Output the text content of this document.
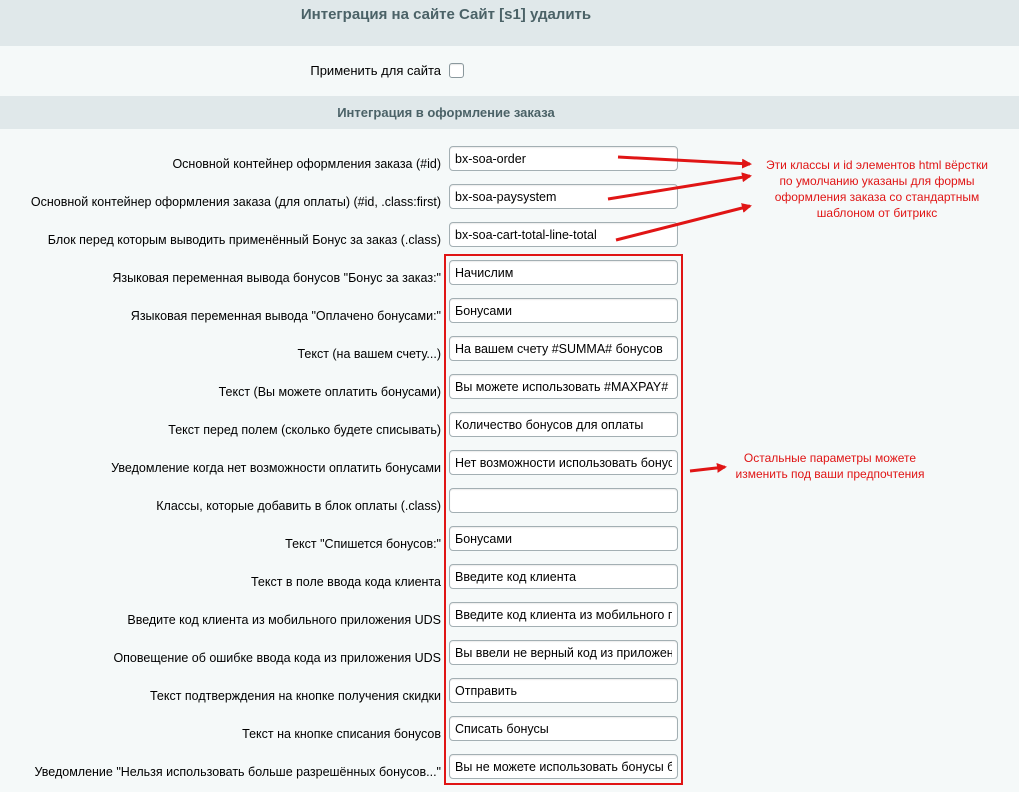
Интеграция на сайте Сайт [s1] удалить
Применить для сайта
Интеграция в оформление заказа
Основной контейнер оформления заказа (#id)
bx-soa-order
Основной контейнер оформления заказа (для оплаты) (#id, .class:first)
bx-soa-paysystem
Блок перед которым выводить применённый Бонус за заказ (.class)
bx-soa-cart-total-line-total
Языковая переменная вывода бонусов "Бонус за заказ:"
Начислим
Языковая переменная вывода "Оплачено бонусами:"
Бонусами
Текст (на вашем счету...)
На вашем счету #SUMMA# бонусов
Текст (Вы можете оплатить бонусами)
Вы можете использовать #MAXPAY#
Текст перед полем (сколько будете списывать)
Количество бонусов для оплаты
Уведомление когда нет возможности оплатить бонусами
Нет возможности использовать бонусы
Классы, которые добавить в блок оплаты (.class)
Текст "Спишется бонусов:"
Бонусами
Текст в поле ввода кода клиента
Введите код клиента
Введите код клиента из мобильного приложения UDS
Введите код клиента из мобильного приложения
Оповещение об ошибке ввода кода из приложения UDS
Вы ввели не верный код из приложения
Текст подтверждения на кнопке получения скидки
Отправить
Текст на кнопке списания бонусов
Списать бонусы
Уведомление "Нельзя использовать больше разрешённых бонусов..."
Вы не можете использовать бонусы больше
Эти классы и id элементов html вёрстки
по умолчанию указаны для формы
оформления заказа со стандартным
шаблоном от битрикс
Остальные параметры можете
изменить под ваши предпочтения
